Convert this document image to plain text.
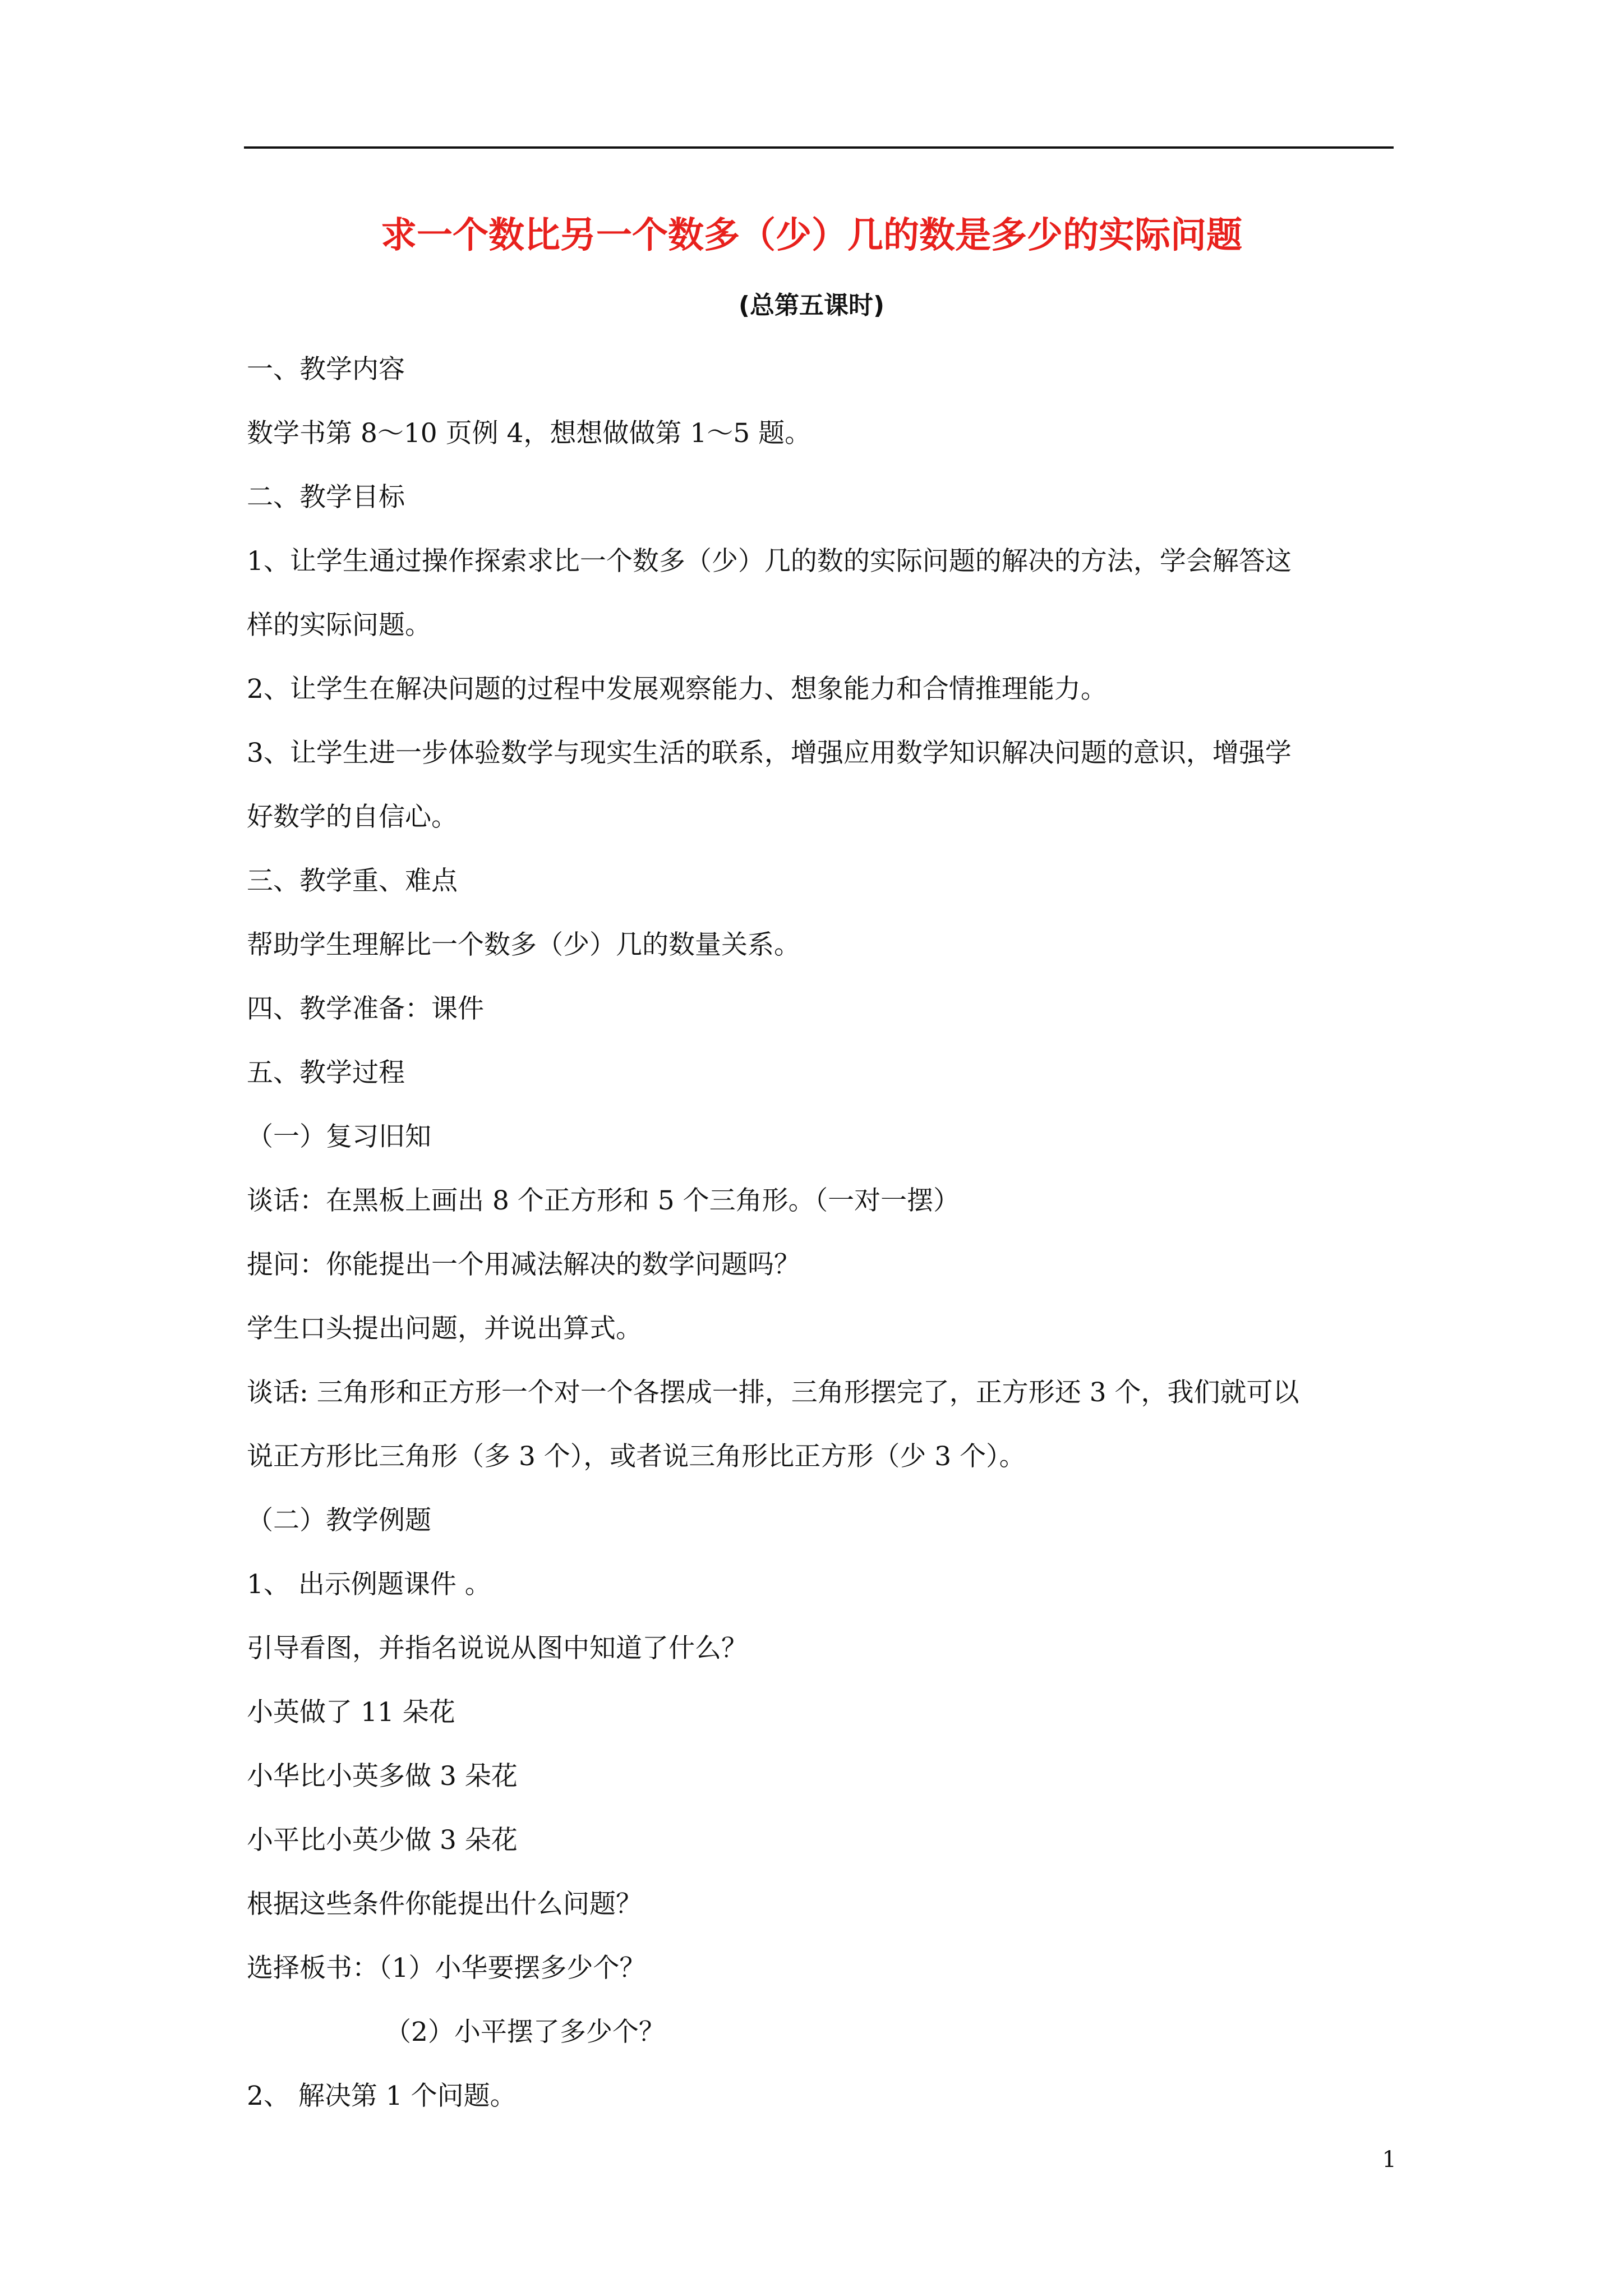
求一个数比另一个数多（少）几的数是多少的实际问题
(总第五课时)
一、教学内容
数学书第 8～10 页例 4，想想做做第 1～5 题。
二、教学目标
1、让学生通过操作探索求比一个数多（少）几的数的实际问题的解决的方法，学会解答这
样的实际问题。
2、让学生在解决问题的过程中发展观察能力、想象能力和合情推理能力。
3、让学生进一步体验数学与现实生活的联系，增强应用数学知识解决问题的意识，增强学
好数学的自信心。
三、教学重、难点
帮助学生理解比一个数多（少）几的数量关系。
四、教学准备：课件
五、教学过程
（一）复习旧知
谈话：在黑板上画出 8 个正方形和 5 个三角形。（一对一摆）
提问：你能提出一个用减法解决的数学问题吗？
学生口头提出问题，并说出算式。
谈话: 三角形和正方形一个对一个各摆成一排，三角形摆完了，正方形还 3 个，我们就可以
说正方形比三角形（多 3 个），或者说三角形比正方形（少 3 个）。
（二）教学例题
1、 出示例题课件 。
引导看图，并指名说说从图中知道了什么？
小英做了 11 朵花
小华比小英多做 3 朵花
小平比小英少做 3 朵花
根据这些条件你能提出什么问题？
选择板书：（1）小华要摆多少个？
（2）小平摆了多少个？
2、 解决第 1 个问题。
1
